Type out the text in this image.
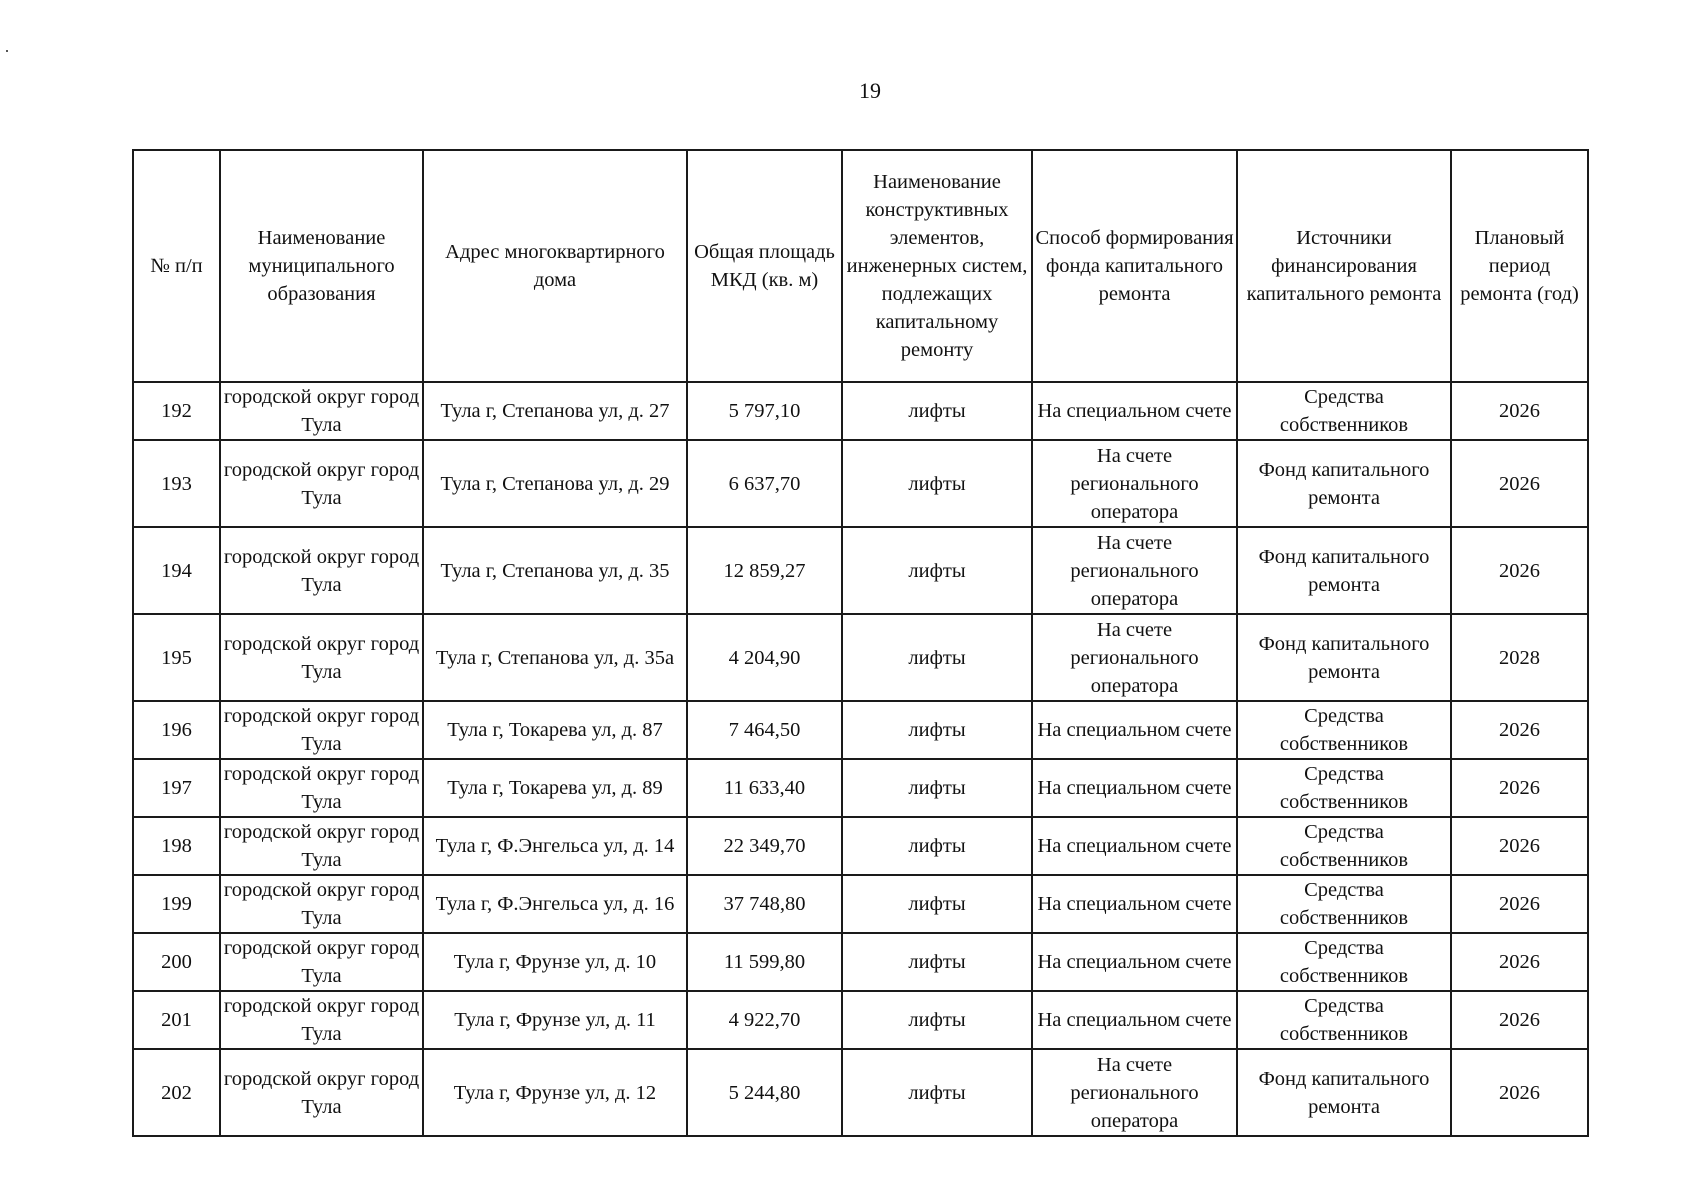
19
№ п/п	Наименование муниципального образования	Адрес многоквартирного дома	Общая площадь МКД (кв. м)	Наименование конструктивных элементов, инженерных систем, подлежащих капитальному ремонту	Способ формирования фонда капитального ремонта	Источники финансирования капитального ремонта	Плановый период ремонта (год)
192	городской округ город Тула	Тула г, Степанова ул, д. 27	5 797,10	лифты	На специальном счете	Средства собственников	2026
193	городской округ город Тула	Тула г, Степанова ул, д. 29	6 637,70	лифты	На счете регионального оператора	Фонд капитального ремонта	2026
194	городской округ город Тула	Тула г, Степанова ул, д. 35	12 859,27	лифты	На счете регионального оператора	Фонд капитального ремонта	2026
195	городской округ город Тула	Тула г, Степанова ул, д. 35а	4 204,90	лифты	На счете регионального оператора	Фонд капитального ремонта	2028
196	городской округ город Тула	Тула г, Токарева ул, д. 87	7 464,50	лифты	На специальном счете	Средства собственников	2026
197	городской округ город Тула	Тула г, Токарева ул, д. 89	11 633,40	лифты	На специальном счете	Средства собственников	2026
198	городской округ город Тула	Тула г, Ф.Энгельса ул, д. 14	22 349,70	лифты	На специальном счете	Средства собственников	2026
199	городской округ город Тула	Тула г, Ф.Энгельса ул, д. 16	37 748,80	лифты	На специальном счете	Средства собственников	2026
200	городской округ город Тула	Тула г, Фрунзе ул, д. 10	11 599,80	лифты	На специальном счете	Средства собственников	2026
201	городской округ город Тула	Тула г, Фрунзе ул, д. 11	4 922,70	лифты	На специальном счете	Средства собственников	2026
202	городской округ город Тула	Тула г, Фрунзе ул, д. 12	5 244,80	лифты	На счете регионального оператора	Фонд капитального ремонта	2026
